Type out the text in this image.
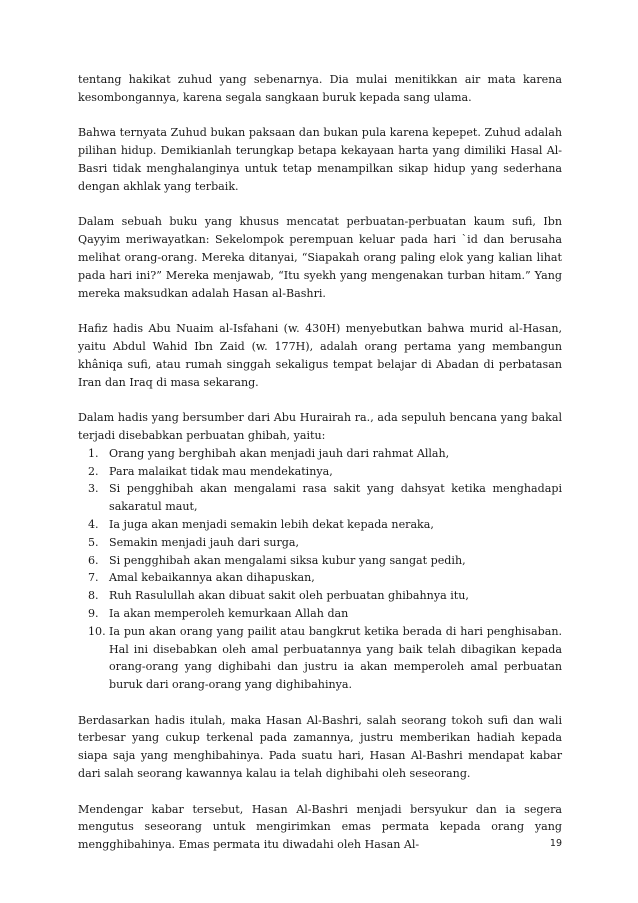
tentang hakikat zuhud yang sebenarnya. Dia mulai menitikkan air mata karena kesombongannya, karena segala sangkaan buruk kepada sang ulama.

Bahwa ternyata Zuhud bukan paksaan dan bukan pula karena kepepet. Zuhud adalah pilihan hidup. Demikianlah terungkap betapa kekayaan harta yang dimiliki Hasal Al-Basri tidak menghalanginya untuk tetap menampilkan sikap hidup yang sederhana dengan akhlak yang terbaik.

Dalam sebuah buku yang khusus mencatat perbuatan-perbuatan kaum sufi, Ibn Qayyim meriwayatkan: Sekelompok perempuan keluar pada hari `id dan berusaha melihat orang-orang. Mereka ditanyai, “Siapakah orang paling elok yang kalian lihat pada hari ini?” Mereka menjawab, “Itu syekh yang mengenakan turban hitam.” Yang mereka maksudkan adalah Hasan al-Bashri.

Hafiz hadis Abu Nuaim al-Isfahani (w. 430H) menyebutkan bahwa murid al-Hasan, yaitu Abdul Wahid Ibn Zaid (w. 177H), adalah orang pertama yang membangun khâniqa sufi, atau rumah singgah sekaligus tempat belajar di Abadan di perbatasan Iran dan Iraq di masa sekarang.

Dalam hadis yang bersumber dari Abu Hurairah ra., ada sepuluh bencana yang bakal terjadi disebabkan perbuatan ghibah, yaitu:

1. Orang yang berghibah akan menjadi jauh dari rahmat Allah,
2. Para malaikat tidak mau mendekatinya,
3. Si pengghibah akan mengalami rasa sakit yang dahsyat ketika menghadapi sakaratul maut,
4. Ia juga akan menjadi semakin lebih dekat kepada neraka,
5. Semakin menjadi jauh dari surga,
6. Si pengghibah akan mengalami siksa kubur yang sangat pedih,
7. Amal kebaikannya akan dihapuskan,
8. Ruh Rasulullah akan dibuat sakit oleh perbuatan ghibahnya itu,
9. Ia akan memperoleh kemurkaan Allah dan
10. Ia pun akan orang yang pailit atau bangkrut ketika berada di hari penghisaban. Hal ini disebabkan oleh amal perbuatannya yang baik telah dibagikan kepada orang-orang yang dighibahi dan justru ia akan memperoleh amal perbuatan buruk dari orang-orang yang dighibahinya.

Berdasarkan hadis itulah, maka Hasan Al-Bashri, salah seorang tokoh sufi dan wali terbesar yang cukup terkenal pada zamannya, justru memberikan hadiah kepada siapa saja yang menghibahinya. Pada suatu hari, Hasan Al-Bashri mendapat kabar dari salah seorang kawannya kalau ia telah dighibahi oleh seseorang.

Mendengar kabar tersebut, Hasan Al-Bashri menjadi bersyukur dan ia segera mengutus seseorang untuk mengirimkan emas permata kepada orang yang mengghibahinya. Emas permata itu diwadahi oleh Hasan Al-	19
